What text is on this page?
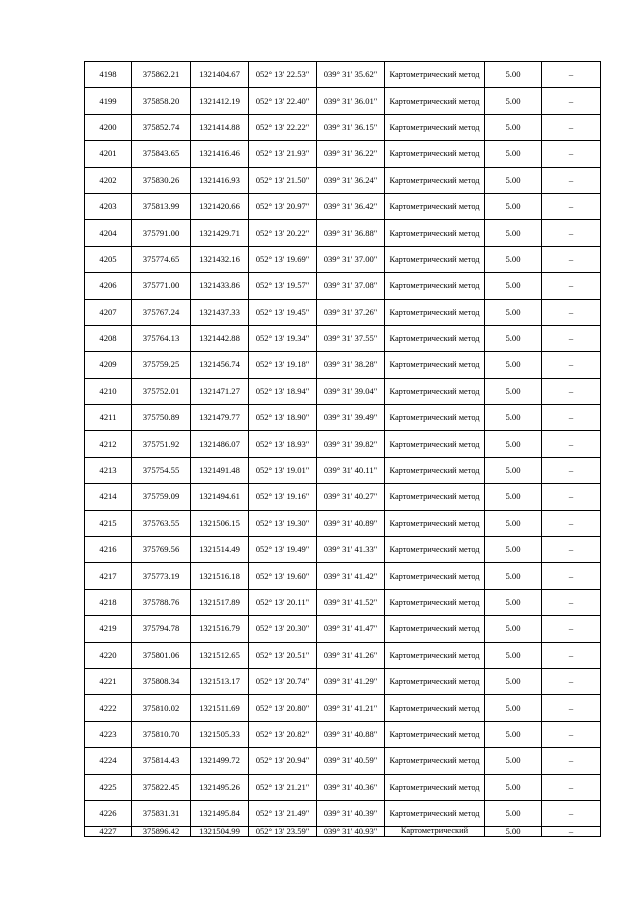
4198	375862.21	1321404.67	052° 13' 22.53"	039° 31' 35.62"	Картометрический метод	5.00	–
4199	375858.20	1321412.19	052° 13' 22.40"	039° 31' 36.01"	Картометрический метод	5.00	–
4200	375852.74	1321414.88	052° 13' 22.22"	039° 31' 36.15"	Картометрический метод	5.00	–
4201	375843.65	1321416.46	052° 13' 21.93"	039° 31' 36.22"	Картометрический метод	5.00	–
4202	375830.26	1321416.93	052° 13' 21.50"	039° 31' 36.24"	Картометрический метод	5.00	–
4203	375813.99	1321420.66	052° 13' 20.97"	039° 31' 36.42"	Картометрический метод	5.00	–
4204	375791.00	1321429.71	052° 13' 20.22"	039° 31' 36.88"	Картометрический метод	5.00	–
4205	375774.65	1321432.16	052° 13' 19.69"	039° 31' 37.00"	Картометрический метод	5.00	–
4206	375771.00	1321433.86	052° 13' 19.57"	039° 31' 37.08"	Картометрический метод	5.00	–
4207	375767.24	1321437.33	052° 13' 19.45"	039° 31' 37.26"	Картометрический метод	5.00	–
4208	375764.13	1321442.88	052° 13' 19.34"	039° 31' 37.55"	Картометрический метод	5.00	–
4209	375759.25	1321456.74	052° 13' 19.18"	039° 31' 38.28"	Картометрический метод	5.00	–
4210	375752.01	1321471.27	052° 13' 18.94"	039° 31' 39.04"	Картометрический метод	5.00	–
4211	375750.89	1321479.77	052° 13' 18.90"	039° 31' 39.49"	Картометрический метод	5.00	–
4212	375751.92	1321486.07	052° 13' 18.93"	039° 31' 39.82"	Картометрический метод	5.00	–
4213	375754.55	1321491.48	052° 13' 19.01"	039° 31' 40.11"	Картометрический метод	5.00	–
4214	375759.09	1321494.61	052° 13' 19.16"	039° 31' 40.27"	Картометрический метод	5.00	–
4215	375763.55	1321506.15	052° 13' 19.30"	039° 31' 40.89"	Картометрический метод	5.00	–
4216	375769.56	1321514.49	052° 13' 19.49"	039° 31' 41.33"	Картометрический метод	5.00	–
4217	375773.19	1321516.18	052° 13' 19.60"	039° 31' 41.42"	Картометрический метод	5.00	–
4218	375788.76	1321517.89	052° 13' 20.11"	039° 31' 41.52"	Картометрический метод	5.00	–
4219	375794.78	1321516.79	052° 13' 20.30"	039° 31' 41.47"	Картометрический метод	5.00	–
4220	375801.06	1321512.65	052° 13' 20.51"	039° 31' 41.26"	Картометрический метод	5.00	–
4221	375808.34	1321513.17	052° 13' 20.74"	039° 31' 41.29"	Картометрический метод	5.00	–
4222	375810.02	1321511.69	052° 13' 20.80"	039° 31' 41.21"	Картометрический метод	5.00	–
4223	375810.70	1321505.33	052° 13' 20.82"	039° 31' 40.88"	Картометрический метод	5.00	–
4224	375814.43	1321499.72	052° 13' 20.94"	039° 31' 40.59"	Картометрический метод	5.00	–
4225	375822.45	1321495.26	052° 13' 21.21"	039° 31' 40.36"	Картометрический метод	5.00	–
4226	375831.31	1321495.84	052° 13' 21.49"	039° 31' 40.39"	Картометрический метод	5.00	–
4227	375896.42	1321504.99	052° 13' 23.59"	039° 31' 40.93"	Картометрический	5.00	–
